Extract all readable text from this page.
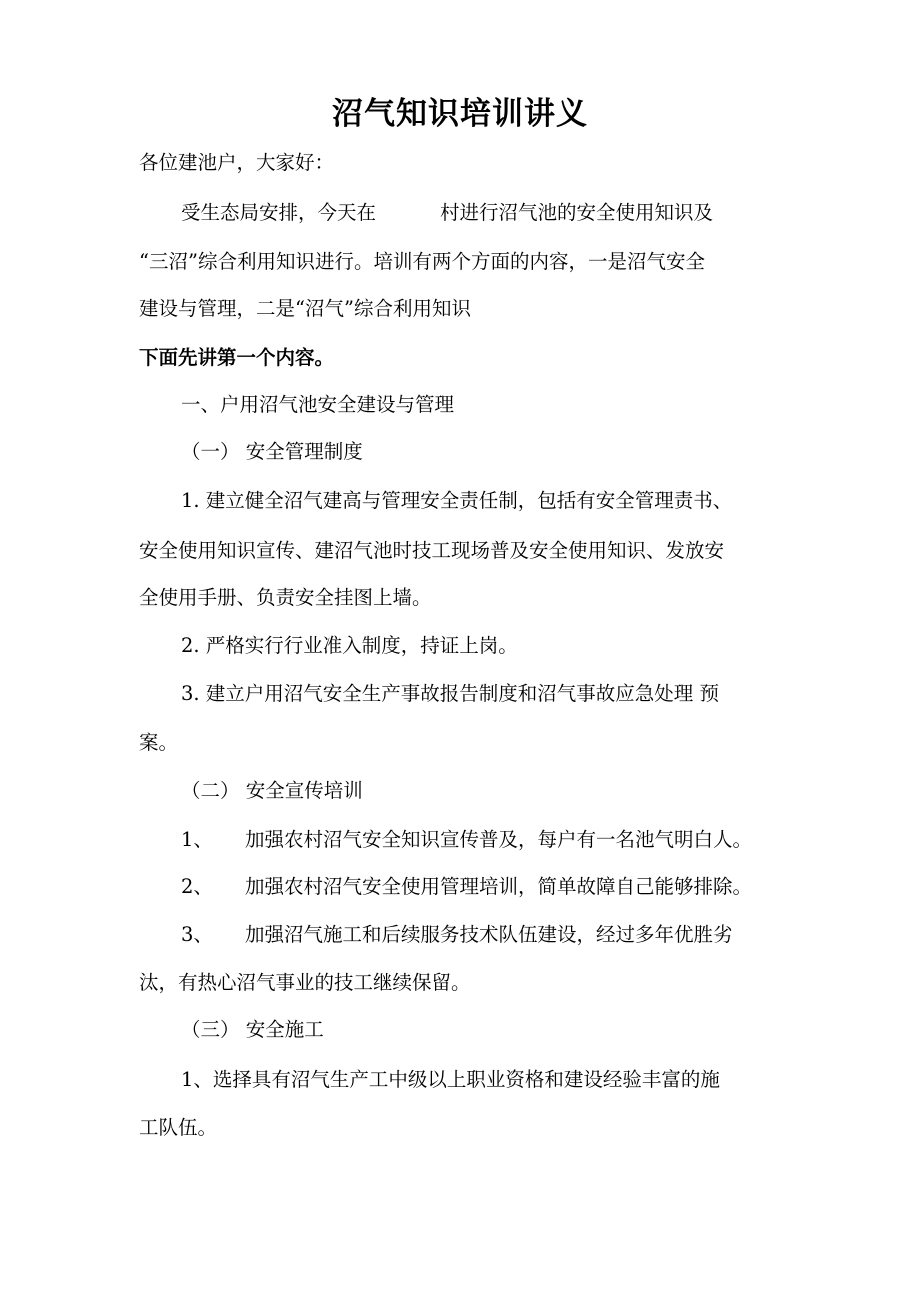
沼气知识培训讲义
各位建池户，大家好：
受生态局安排，今天在	村进行沼气池的安全使用知识及
“三沼”综合利用知识进行。培训有两个方面的内容，一是沼气安全
建设与管理，二是“沼气”综合利用知识
下面先讲第一个内容。
一、户用沼气池安全建设与管理
（一） 安全管理制度
1. 建立健全沼气建高与管理安全责任制，包括有安全管理责书、
安全使用知识宣传、建沼气池时技工现场普及安全使用知识、发放安
全使用手册、负责安全挂图上墙。
2. 严格实行行业准入制度，持证上岗。
3. 建立户用沼气安全生产事故报告制度和沼气事故应急处理 预
案。
（二） 安全宣传培训
1、 加强农村沼气安全知识宣传普及，每户有一名池气明白人。
2、 加强农村沼气安全使用管理培训，简单故障自己能够排除。
3、 加强沼气施工和后续服务技术队伍建设，经过多年优胜劣
汰，有热心沼气事业的技工继续保留。
（三） 安全施工
1、选择具有沼气生产工中级以上职业资格和建设经验丰富的施
工队伍。
